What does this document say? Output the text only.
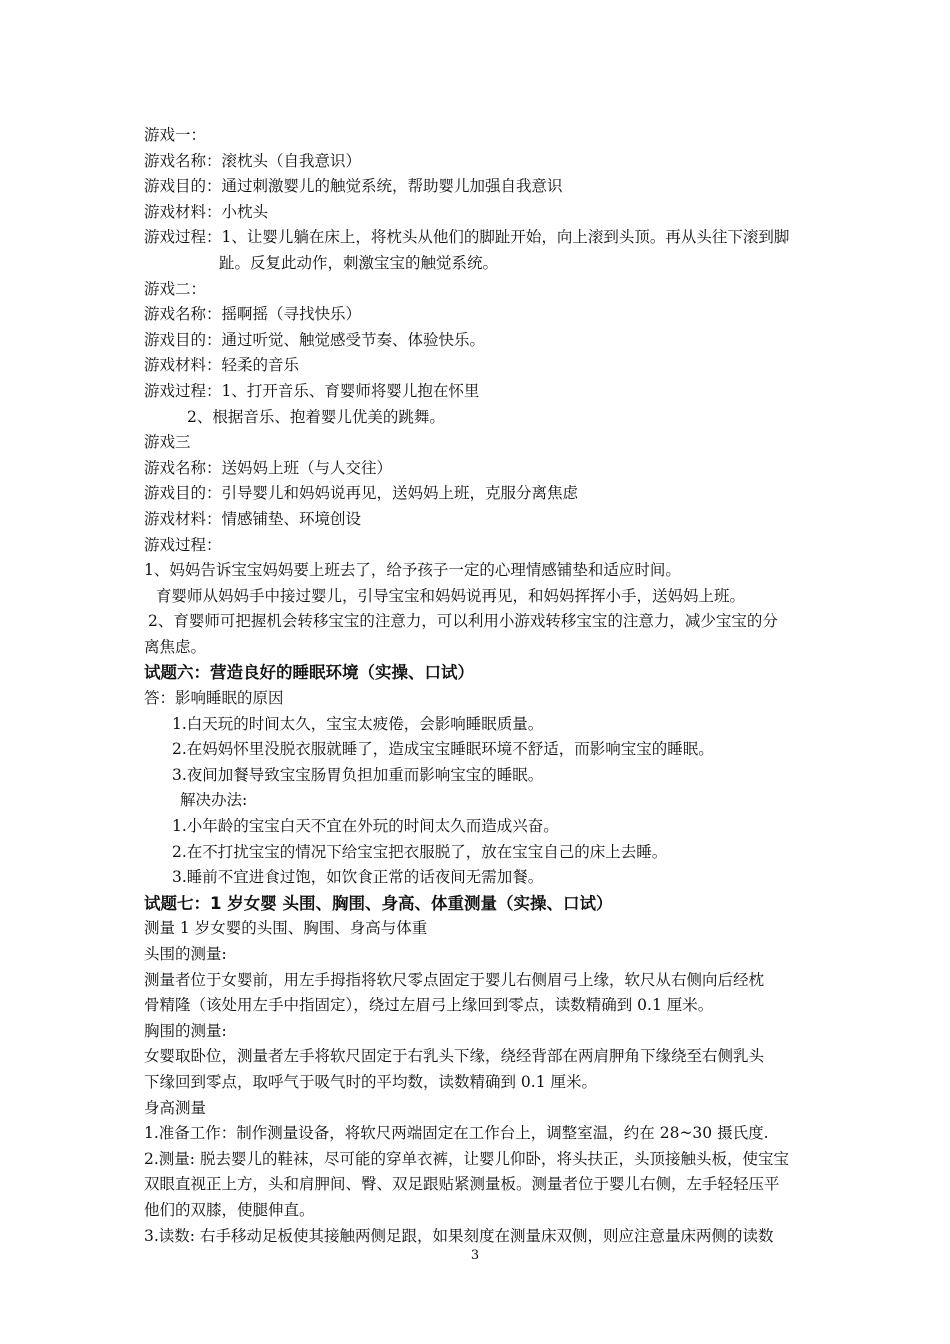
游戏一：
游戏名称：滚枕头（自我意识）
游戏目的：通过刺激婴儿的触觉系统，帮助婴儿加强自我意识
游戏材料：小枕头
游戏过程：1、让婴儿躺在床上，将枕头从他们的脚趾开始，向上滚到头顶。再从头往下滚到脚
趾。反复此动作，刺激宝宝的触觉系统。
游戏二：
游戏名称：摇啊摇（寻找快乐）
游戏目的：通过听觉、触觉感受节奏、体验快乐。
游戏材料：轻柔的音乐
游戏过程：1、打开音乐、育婴师将婴儿抱在怀里
2、根据音乐、抱着婴儿优美的跳舞。
游戏三
游戏名称：送妈妈上班（与人交往）
游戏目的：引导婴儿和妈妈说再见，送妈妈上班，克服分离焦虑
游戏材料：情感铺垫、环境创设
游戏过程：
1、妈妈告诉宝宝妈妈要上班去了，给予孩子一定的心理情感铺垫和适应时间。
育婴师从妈妈手中接过婴儿，引导宝宝和妈妈说再见，和妈妈挥挥小手，送妈妈上班。
2、育婴师可把握机会转移宝宝的注意力，可以利用小游戏转移宝宝的注意力，减少宝宝的分
离焦虑。
试题六：营造良好的睡眠环境（实操、口试）
答：影响睡眠的原因
1.白天玩的时间太久，宝宝太疲倦，会影响睡眠质量。
2.在妈妈怀里没脱衣服就睡了，造成宝宝睡眠环境不舒适，而影响宝宝的睡眠。
3.夜间加餐导致宝宝肠胃负担加重而影响宝宝的睡眠。
解决办法:
1.小年龄的宝宝白天不宜在外玩的时间太久而造成兴奋。
2.在不打扰宝宝的情况下给宝宝把衣服脱了，放在宝宝自己的床上去睡。
3.睡前不宜进食过饱，如饮食正常的话夜间无需加餐。
试题七：1 岁女婴 头围、胸围、身高、体重测量（实操、口试）
测量 1 岁女婴的头围、胸围、身高与体重
头围的测量:
测量者位于女婴前，用左手拇指将软尺零点固定于婴儿右侧眉弓上缘，软尺从右侧向后经枕
骨精隆（该处用左手中指固定），绕过左眉弓上缘回到零点，读数精确到 0.1 厘米。
胸围的测量:
女婴取卧位，测量者左手将软尺固定于右乳头下缘，绕经背部在两肩胛角下缘绕至右侧乳头
下缘回到零点，取呼气于吸气时的平均数，读数精确到 0.1 厘米。
身高测量
1.准备工作：制作测量设备，将软尺两端固定在工作台上，调整室温，约在 28~30 摄氏度.
2.测量: 脱去婴儿的鞋袜，尽可能的穿单衣裤，让婴儿仰卧，将头扶正，头顶接触头板，使宝宝
双眼直视正上方，头和肩胛间、臀、双足跟贴紧测量板。测量者位于婴儿右侧，左手轻轻压平
他们的双膝，使腿伸直。
3.读数: 右手移动足板使其接触两侧足跟，如果刻度在测量床双侧，则应注意量床两侧的读数
3
